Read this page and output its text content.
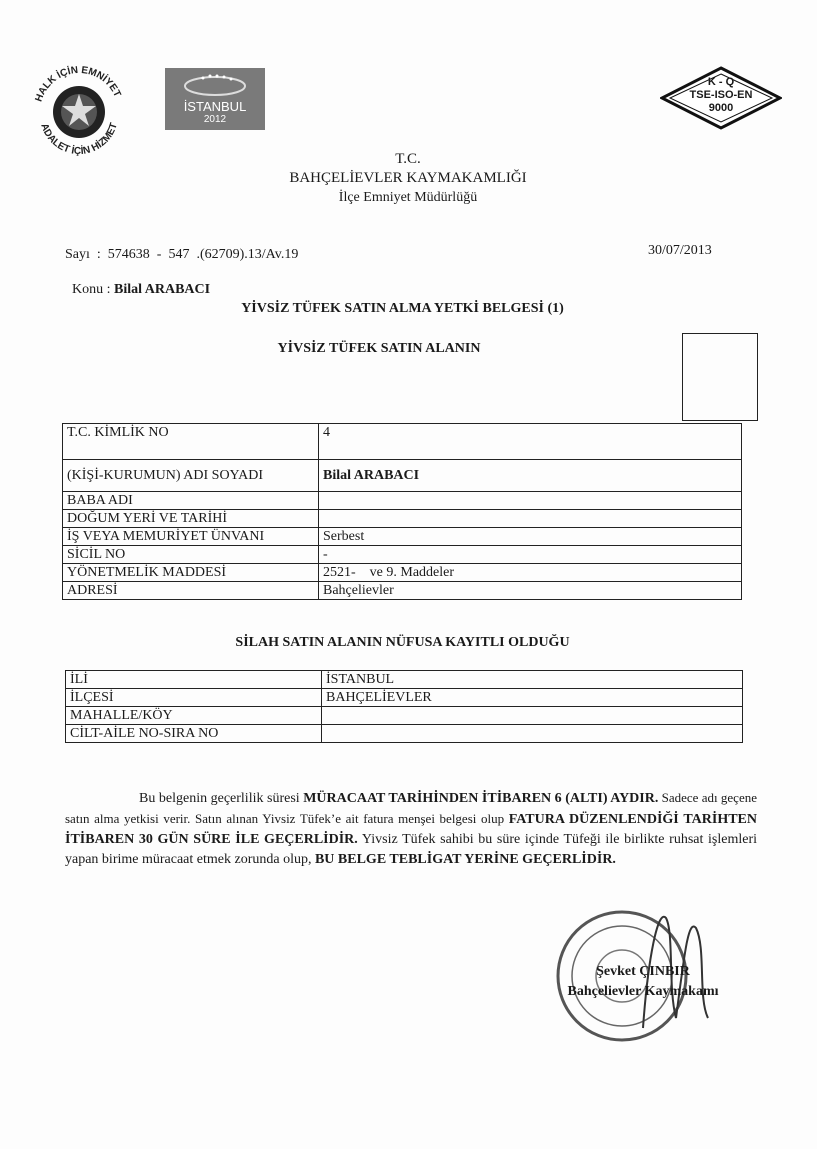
HALK İÇİN EMNİYET
ADALET İÇİN HİZMET
İSTANBUL
2012
K - Q
TSE-ISO-EN
9000
T.C.
BAHÇELİEVLER KAYMAKAMLIĞI
İlçe Emniyet Müdürlüğü
Sayı  :  574638  -  547  .(62709).13/Av.19

Konu : Bilal ARABACI

30/07/2013
YİVSİZ TÜFEK SATIN ALMA YETKİ BELGESİ (1)
YİVSİZ TÜFEK SATIN ALANIN
T.C. KİMLİK NO	4
(KİŞİ-KURUMUN) ADI SOYADI	Bilal ARABACI
BABA ADI	
DOĞUM YERİ VE TARİHİ	
İŞ VEYA MEMURİYET ÜNVANI	Serbest
SİCİL NO	-
YÖNETMELİK MADDESİ	2521-    ve 9. Maddeler
ADRESİ	Bahçelievler
SİLAH SATIN ALANIN NÜFUSA KAYITLI OLDUĞU
İLİ	İSTANBUL
İLÇESİ	BAHÇELİEVLER
MAHALLE/KÖY	
CİLT-AİLE NO-SIRA NO	
Bu belgenin geçerlilik süresi MÜRACAAT TARİHİNDEN İTİBAREN 6 (ALTI) AYDIR. Sadece adı geçene satın alma yetkisi verir. Satın alınan Yivsiz Tüfek’e ait fatura menşei belgesi olup FATURA DÜZENLENDİĞİ TARİHTEN İTİBAREN 30 GÜN SÜRE İLE GEÇERLİDİR. Yivsiz Tüfek sahibi bu süre içinde Tüfeği ile birlikte ruhsat işlemleri yapan birime müracaat etmek zorunda olup, BU BELGE TEBLİGAT YERİNE GEÇERLİDİR.
Şevket ÇINBIR
Bahçelievler Kaymakamı
